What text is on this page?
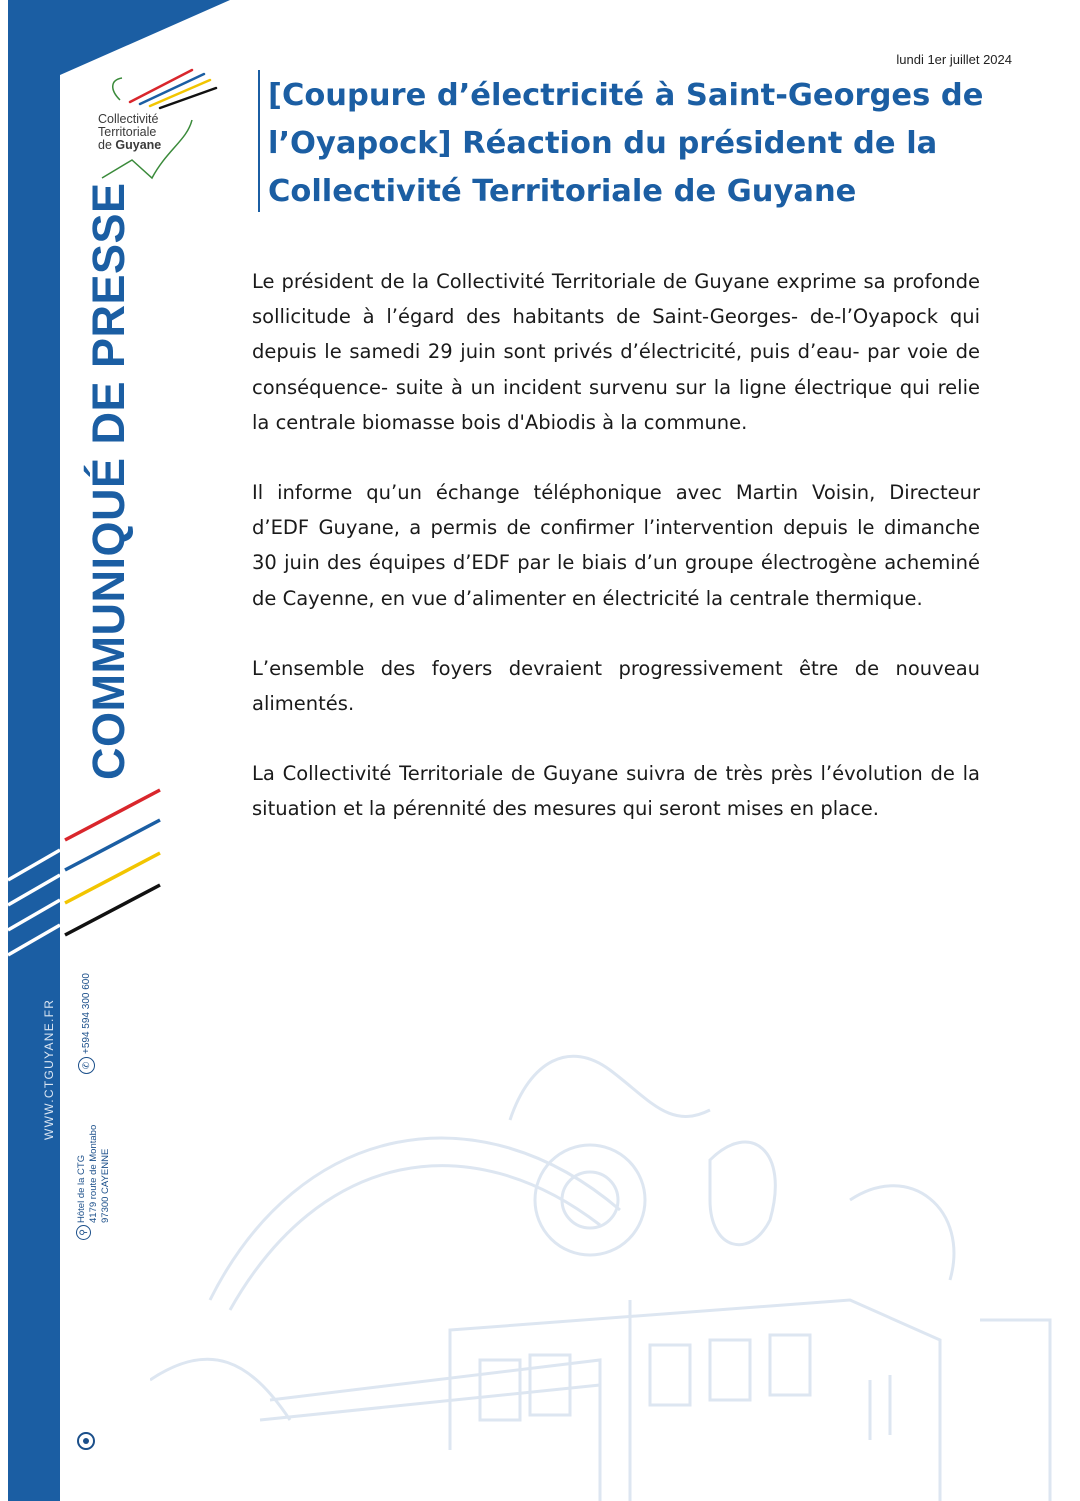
Collectivité
Territoriale
de Guyane
COMMUNIQUÉ DE PRESSE
WWW.CTGUYANE.FR	✆
+594 594 300 600
⚲
Hôtel de la CTG 4179 route de Montabo 97300 CAYENNE
lundi 1er juillet 2024
[Coupure d’électricité à Saint-Georges de l’Oyapock] Réaction du président de la Collectivité Territoriale de Guyane

Le président de la Collectivité Territoriale de Guyane exprime sa profonde sollicitude à l’égard des habitants de Saint-Georges- de-l’Oyapock qui depuis le samedi 29 juin sont privés d’électricité, puis d’eau- par voie de conséquence- suite à un incident survenu sur la ligne électrique qui relie la centrale biomasse bois d'Abiodis à la commune.

Il informe qu’un échange téléphonique avec Martin Voisin, Directeur d’EDF Guyane, a permis de confirmer l’intervention depuis le dimanche 30 juin des équipes d’EDF par le biais d’un groupe électrogène acheminé de Cayenne, en vue d’alimenter en électricité la centrale thermique.

L’ensemble des foyers devraient progressivement être de nouveau alimentés.

La Collectivité Territoriale de Guyane suivra de très près l’évolution de la situation et la pérennité des mesures qui seront mises en place.
